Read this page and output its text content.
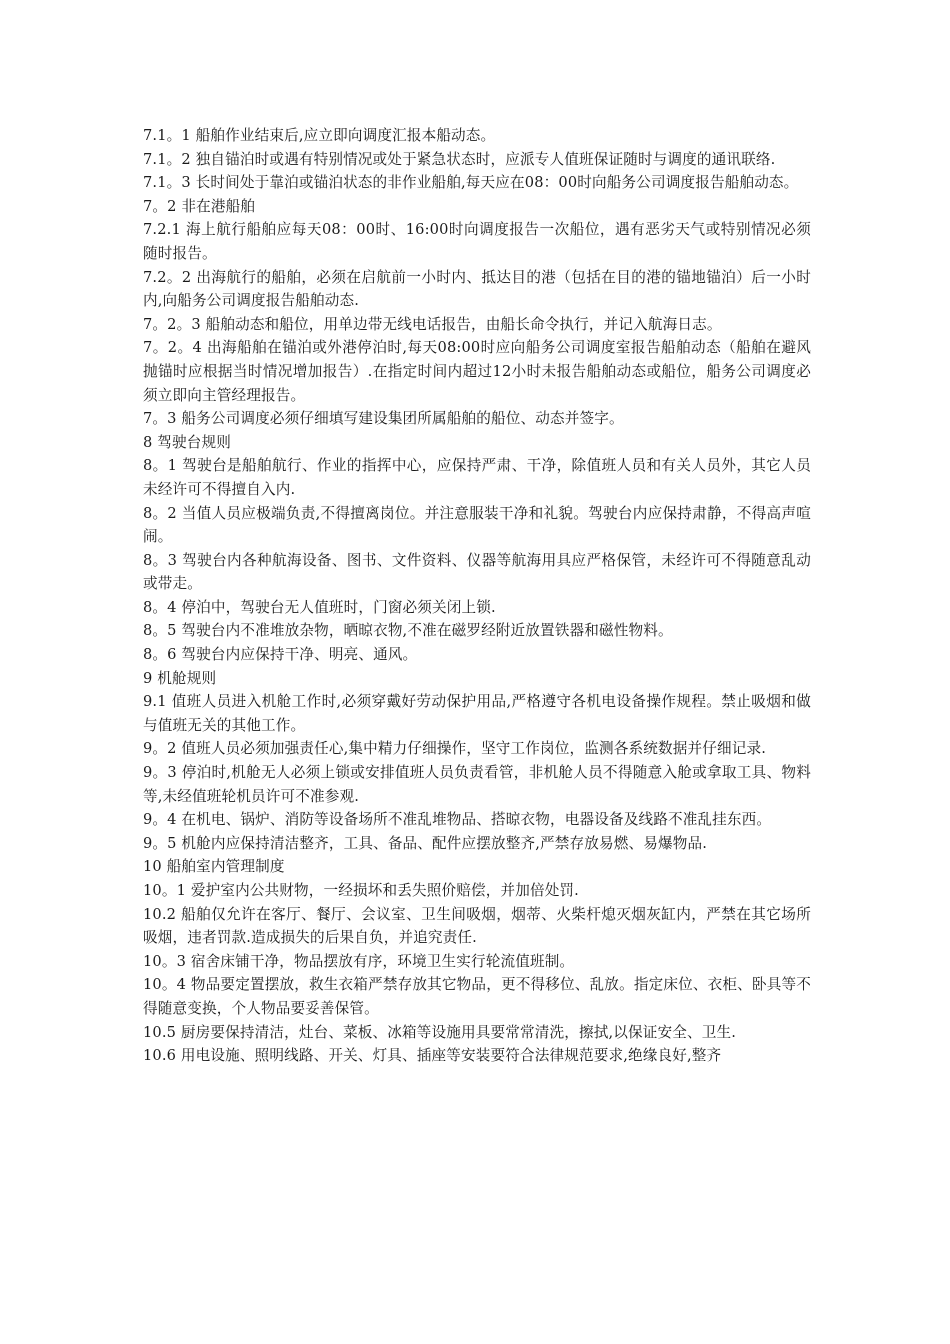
7.1。1 船舶作业结束后,应立即向调度汇报本船动态。

7.1。2 独自锚泊时或遇有特别情况或处于紧急状态时，应派专人值班保证随时与调度的通讯联络.

7.1。3 长时间处于靠泊或锚泊状态的非作业船舶,每天应在08：00时向船务公司调度报告船舶动态。

7。2 非在港船舶

7.2.1 海上航行船舶应每天08：00时、16:00时向调度报告一次船位，遇有恶劣天气或特别情况必须随时报告。

7.2。2 出海航行的船舶，必须在启航前一小时内、抵达目的港（包括在目的港的锚地锚泊）后一小时内,向船务公司调度报告船舶动态.

7。2。3 船舶动态和船位，用单边带无线电话报告，由船长命令执行，并记入航海日志。

7。2。4 出海船舶在锚泊或外港停泊时,每天08:00时应向船务公司调度室报告船舶动态（船舶在避风抛锚时应根据当时情况增加报告）.在指定时间内超过12小时未报告船舶动态或船位，船务公司调度必须立即向主管经理报告。

7。3 船务公司调度必须仔细填写建设集团所属船舶的船位、动态并签字。

8 驾驶台规则

8。1 驾驶台是船舶航行、作业的指挥中心，应保持严肃、干净，除值班人员和有关人员外，其它人员未经许可不得擅自入内.

8。2 当值人员应极端负责,不得擅离岗位。并注意服装干净和礼貌。驾驶台内应保持肃静，不得高声喧闹。

8。3 驾驶台内各种航海设备、图书、文件资料、仪器等航海用具应严格保管，未经许可不得随意乱动或带走。

8。4 停泊中，驾驶台无人值班时，门窗必须关闭上锁.

8。5 驾驶台内不准堆放杂物，晒晾衣物,不准在磁罗经附近放置铁器和磁性物料。

8。6 驾驶台内应保持干净、明亮、通风。

9 机舱规则

9.1 值班人员进入机舱工作时,必须穿戴好劳动保护用品,严格遵守各机电设备操作规程。禁止吸烟和做与值班无关的其他工作。

9。2 值班人员必须加强责任心,集中精力仔细操作，坚守工作岗位，监测各系统数据并仔细记录.

9。3 停泊时,机舱无人必须上锁或安排值班人员负责看管，非机舱人员不得随意入舱或拿取工具、物料等,未经值班轮机员许可不准参观.

9。4 在机电、锅炉、消防等设备场所不准乱堆物品、搭晾衣物，电器设备及线路不准乱挂东西。

9。5 机舱内应保持清洁整齐，工具、备品、配件应摆放整齐,严禁存放易燃、易爆物品.

10 船舶室内管理制度

10。1 爱护室内公共财物，一经损坏和丢失照价赔偿，并加倍处罚.

10.2 船舶仅允许在客厅、餐厅、会议室、卫生间吸烟，烟蒂、火柴杆熄灭烟灰缸内，严禁在其它场所吸烟，违者罚款.造成损失的后果自负，并追究责任.

10。3 宿舍床铺干净，物品摆放有序，环境卫生实行轮流值班制。

10。4 物品要定置摆放，救生衣箱严禁存放其它物品，更不得移位、乱放。指定床位、衣柜、卧具等不得随意变换，个人物品要妥善保管。

10.5 厨房要保持清洁，灶台、菜板、冰箱等设施用具要常常清洗，擦拭,以保证安全、卫生.

10.6 用电设施、照明线路、开关、灯具、插座等安装要符合法律规范要求,绝缘良好,整齐
